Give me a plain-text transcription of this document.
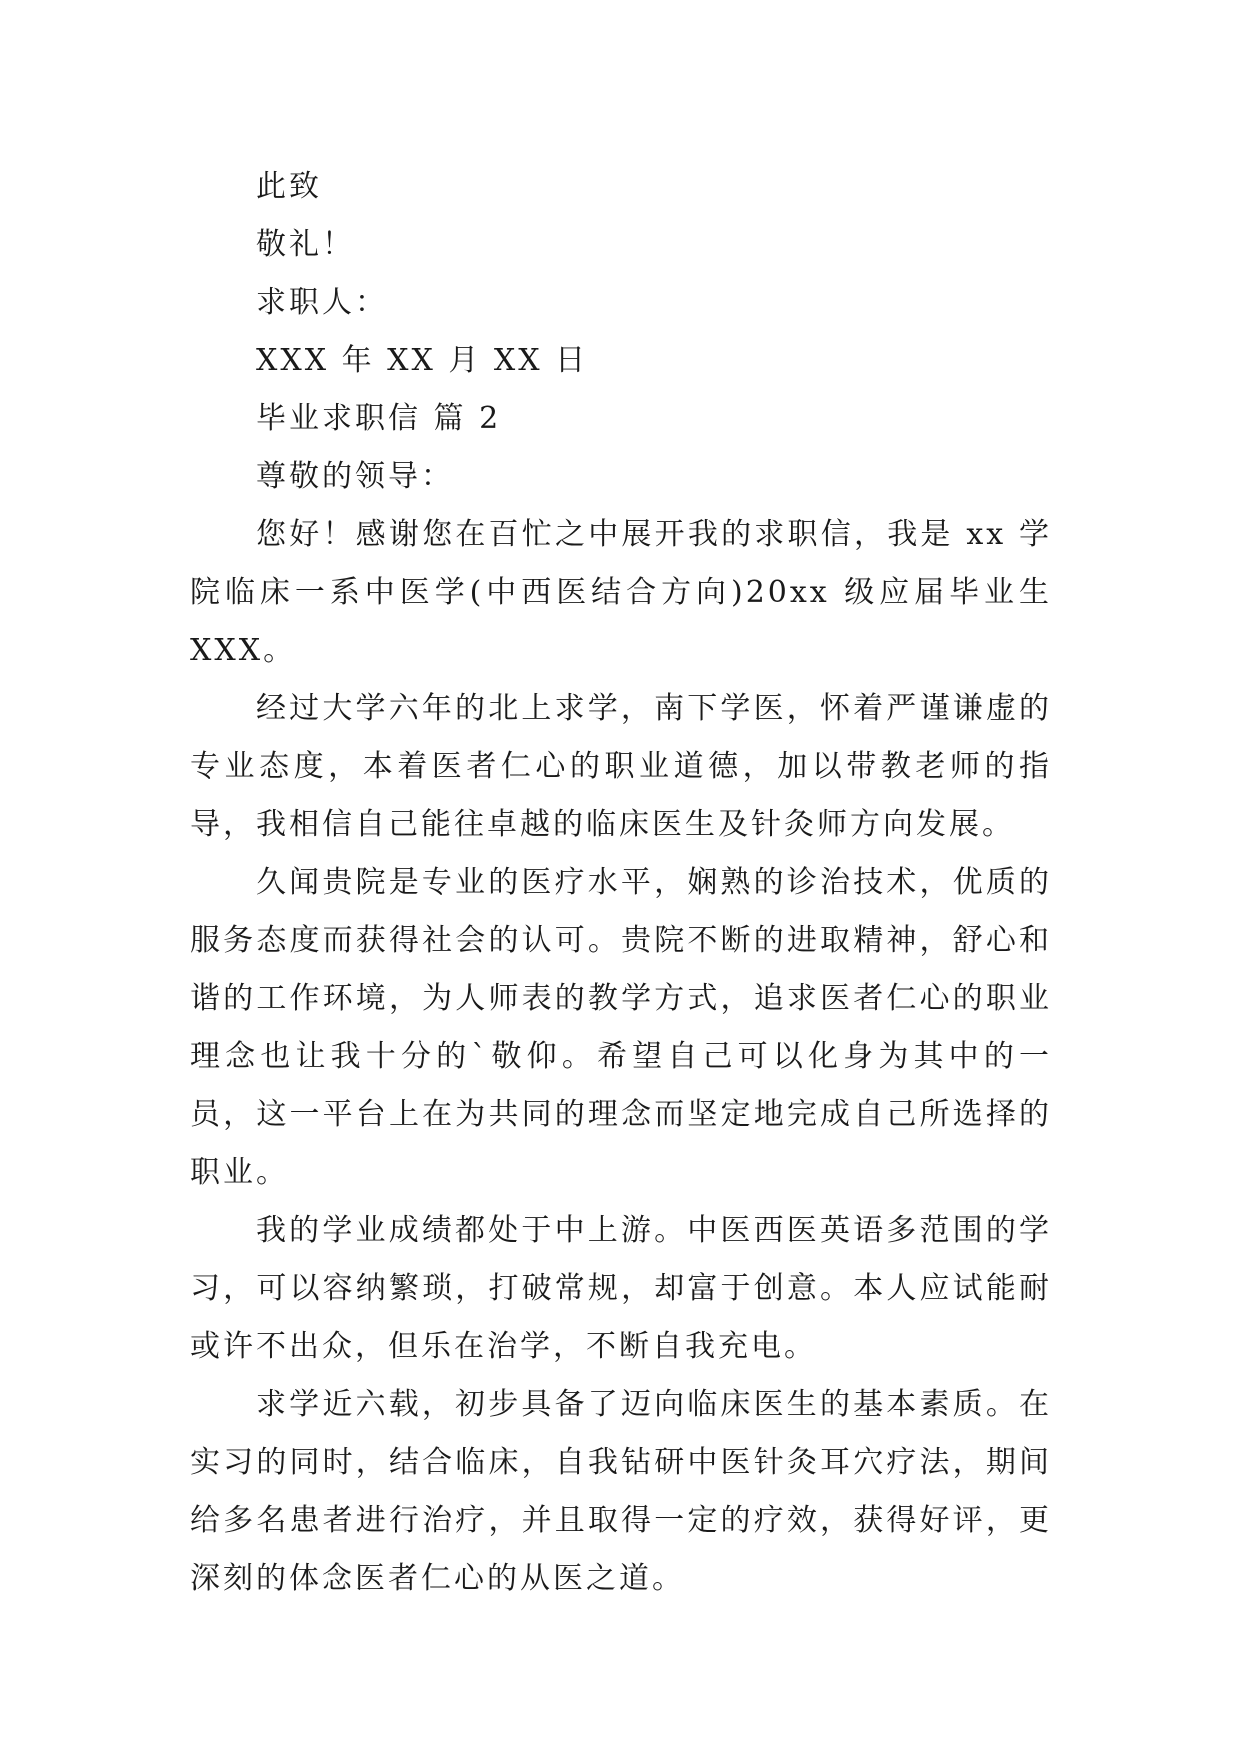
此致

敬礼！

求职人：

XXX 年 XX 月 XX 日

毕业求职信 篇 2

尊敬的领导：

您好！感谢您在百忙之中展开我的求职信，我是 xx 学院临床一系中医学(中西医结合方向)20xx 级应届毕业生 XXX。

经过大学六年的北上求学，南下学医，怀着严谨谦虚的专业态度，本着医者仁心的职业道德，加以带教老师的指导，我相信自己能往卓越的临床医生及针灸师方向发展。

久闻贵院是专业的医疗水平，娴熟的诊治技术，优质的服务态度而获得社会的认可。贵院不断的进取精神，舒心和谐的工作环境，为人师表的教学方式，追求医者仁心的职业理念也让我十分的`敬仰。希望自己可以化身为其中的一员，这一平台上在为共同的理念而坚定地完成自己所选择的职业。

我的学业成绩都处于中上游。中医西医英语多范围的学习，可以容纳繁琐，打破常规，却富于创意。本人应试能耐或许不出众，但乐在治学，不断自我充电。

求学近六载，初步具备了迈向临床医生的基本素质。在实习的同时，结合临床，自我钻研中医针灸耳穴疗法，期间给多名患者进行治疗，并且取得一定的疗效，获得好评，更深刻的体念医者仁心的从医之道。
